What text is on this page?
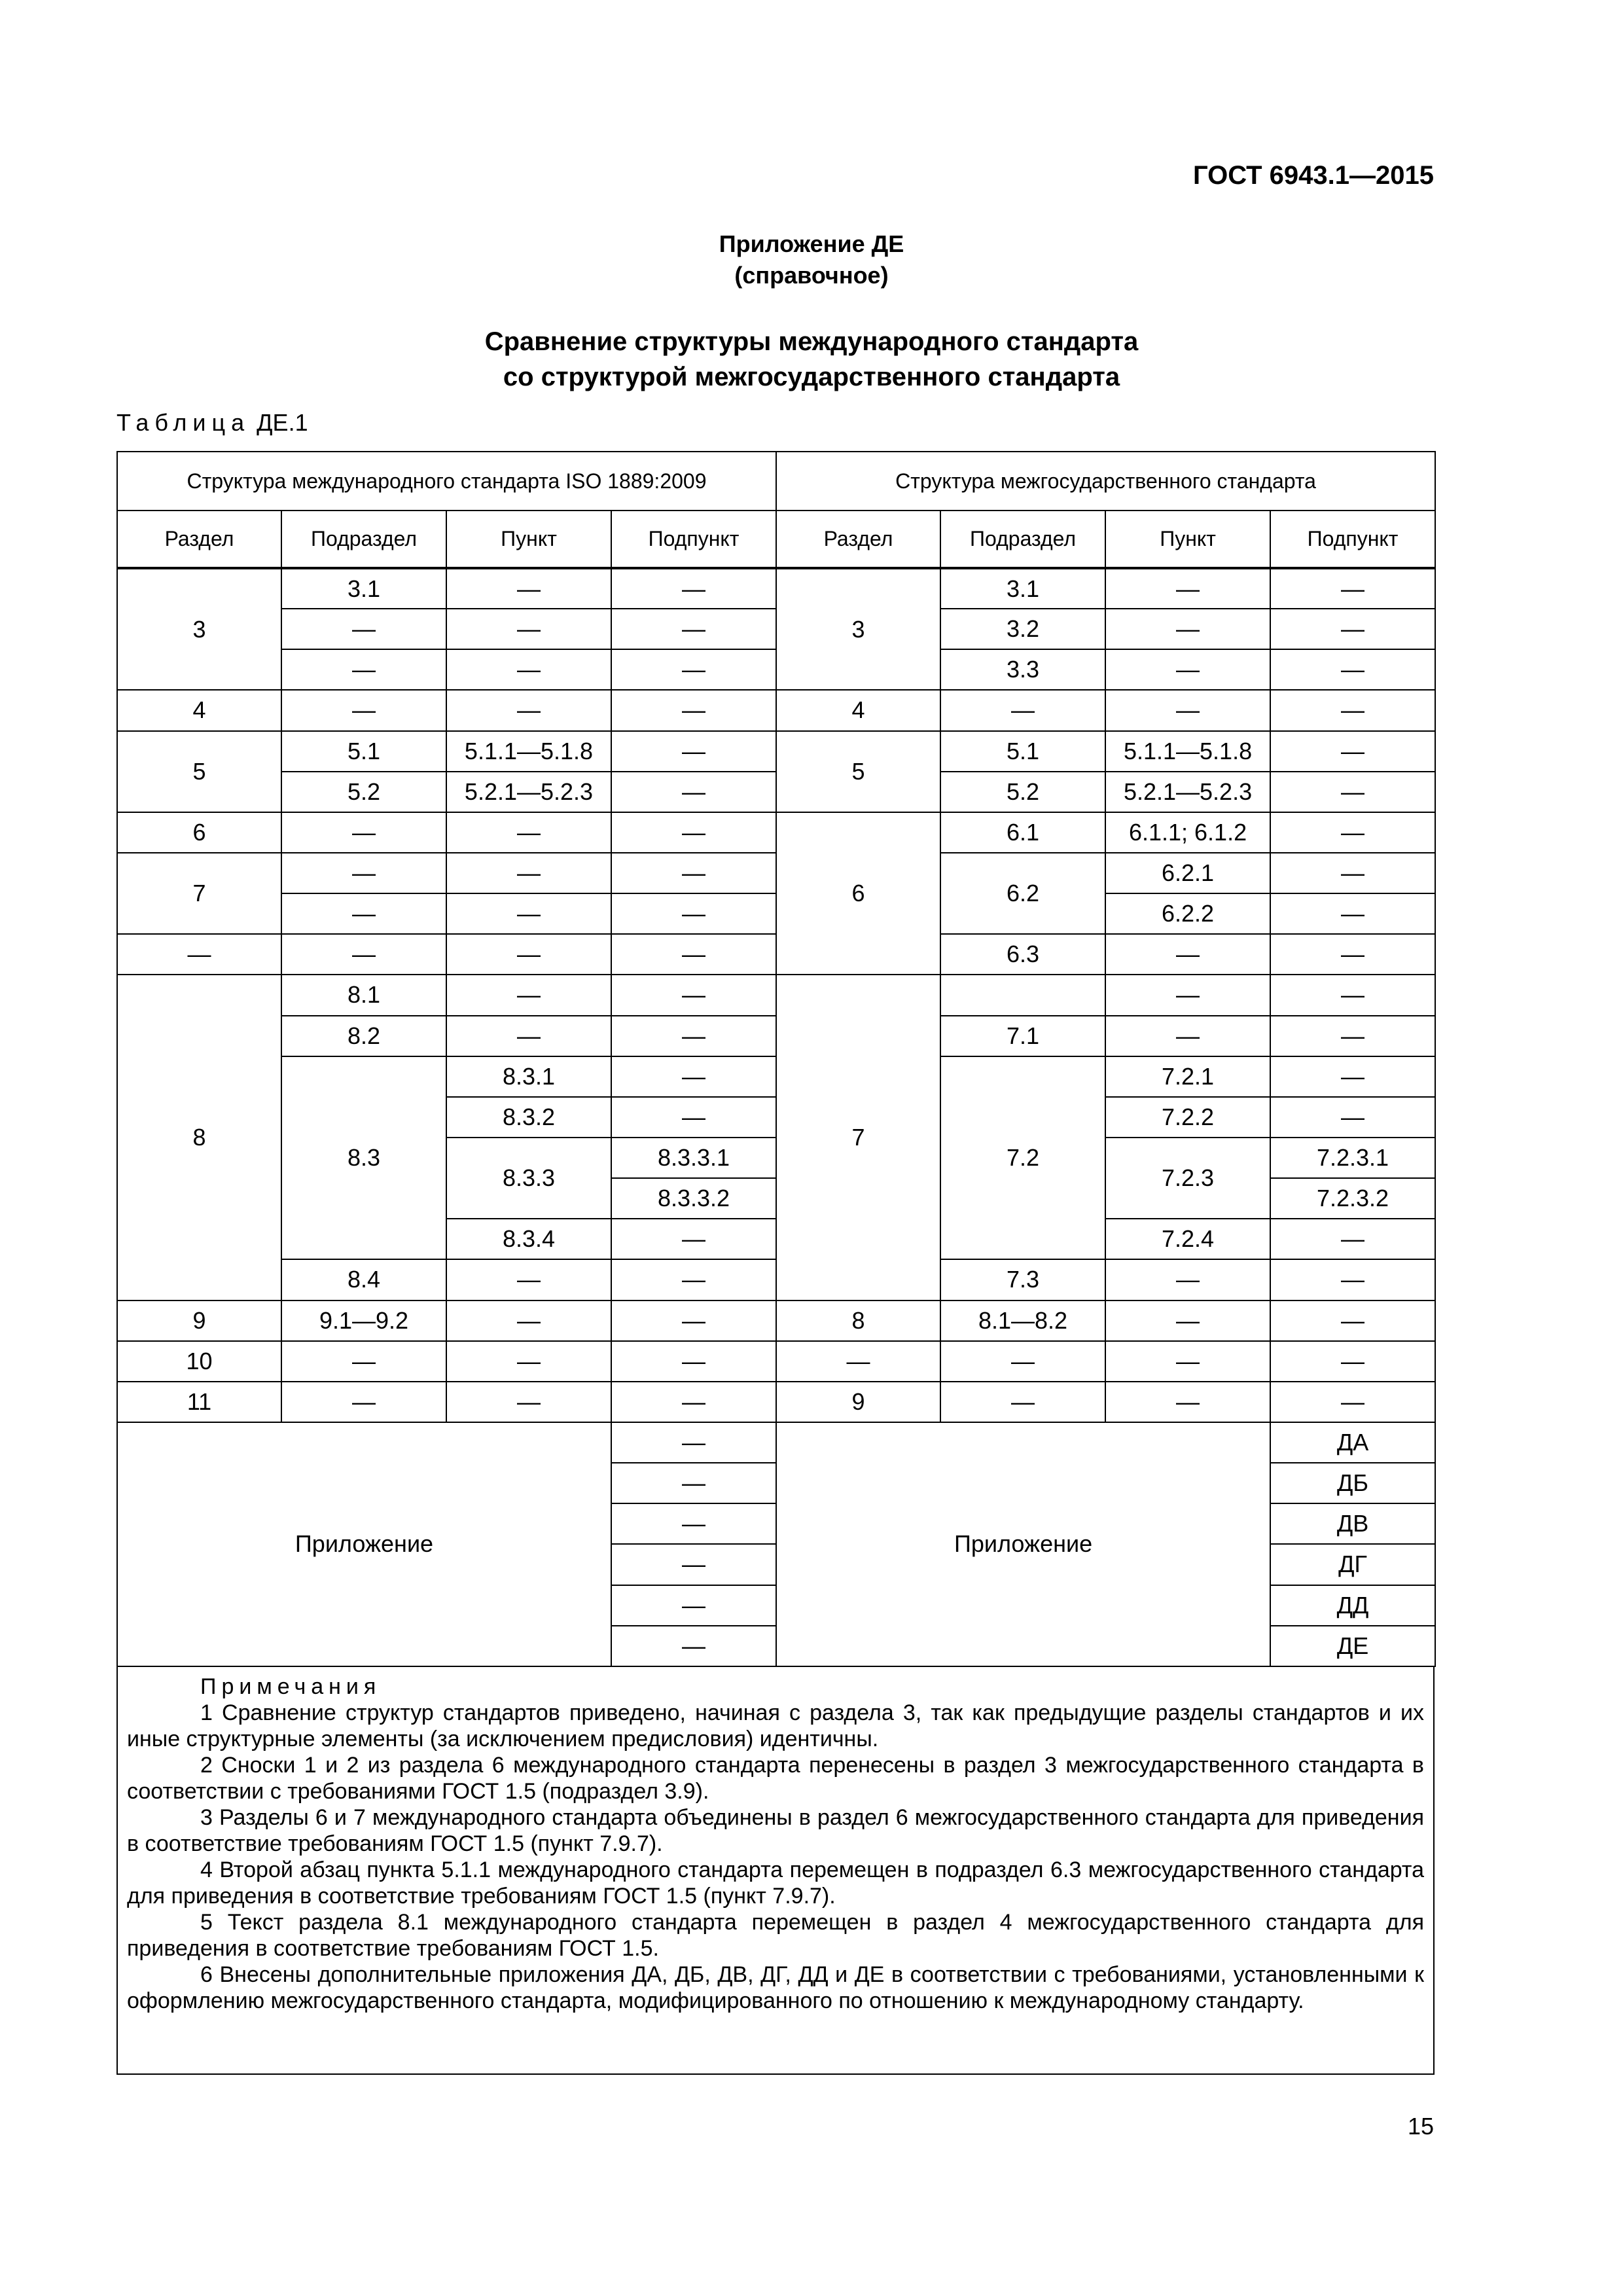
ГОСТ 6943.1—2015
Приложение ДЕ
(справочное)
Сравнение структуры международного стандарта
со структурой межгосударственного стандарта
Таблица ДЕ.1
Структура международного стандарта ISO 1889:2009				Структура межгосударственного стандарта			
Раздел	Подраздел	Пункт	Подпункт	Раздел	Подраздел	Пункт	Подпункт
3	3.1	—	—	3	3.1	—	—
	—	—	—		3.2	—	—
	—	—	—		3.3	—	—
4	—	—	—	4	—	—	—
5	5.1	5.1.1—5.1.8	—	5	5.1	5.1.1—5.1.8	—
	5.2	5.2.1—5.2.3	—		5.2	5.2.1—5.2.3	—
6	—	—	—	6	6.1	6.1.1; 6.1.2	—
7	—	—	—		6.2	6.2.1	—
	—	—	—			6.2.2	—
—	—	—	—		6.3	—	—
8	8.1	—	—	7		—	—
	8.2	—	—		7.1	—	—
	8.3	8.3.1	—		7.2	7.2.1	—
		8.3.2	—			7.2.2	—
		8.3.3	8.3.3.1			7.2.3	7.2.3.1
			8.3.3.2				7.2.3.2
		8.3.4	—			7.2.4	—
	8.4	—	—		7.3	—	—
9	9.1—9.2	—	—	8	8.1—8.2	—	—
10	—	—	—	—	—	—	—
11	—	—	—	9	—	—	—
Приложение			—	Приложение			ДА
			—				ДБ
			—				ДВ
			—				ДГ
			—				ДД
			—				ДЕ
Примечания

1 Сравнение структур стандартов приведено, начиная с раздела 3, так как предыдущие разделы стандартов и их иные структурные элементы (за исключением предисловия) идентичны.

2 Сноски 1 и 2 из раздела 6 международного стандарта перенесены в раздел 3 межгосударственного стандарта в соответствии с требованиями ГОСТ 1.5 (подраздел 3.9).

3 Разделы 6 и 7 международного стандарта объединены в раздел 6 межгосударственного стандарта для приведения в соответствие требованиям ГОСТ 1.5 (пункт 7.9.7).

4 Второй абзац пункта 5.1.1 международного стандарта перемещен в подраздел 6.3 межгосударственного стандарта для приведения в соответствие требованиям ГОСТ 1.5 (пункт 7.9.7).

5 Текст раздела 8.1 международного стандарта перемещен в раздел 4 межгосударственного стандарта для приведения в соответствие требованиям ГОСТ 1.5.

6 Внесены дополнительные приложения ДА, ДБ, ДВ, ДГ, ДД и ДЕ в соответствии с требованиями, установленными к оформлению межгосударственного стандарта, модифицированного по отношению к международному стандарту.

15
